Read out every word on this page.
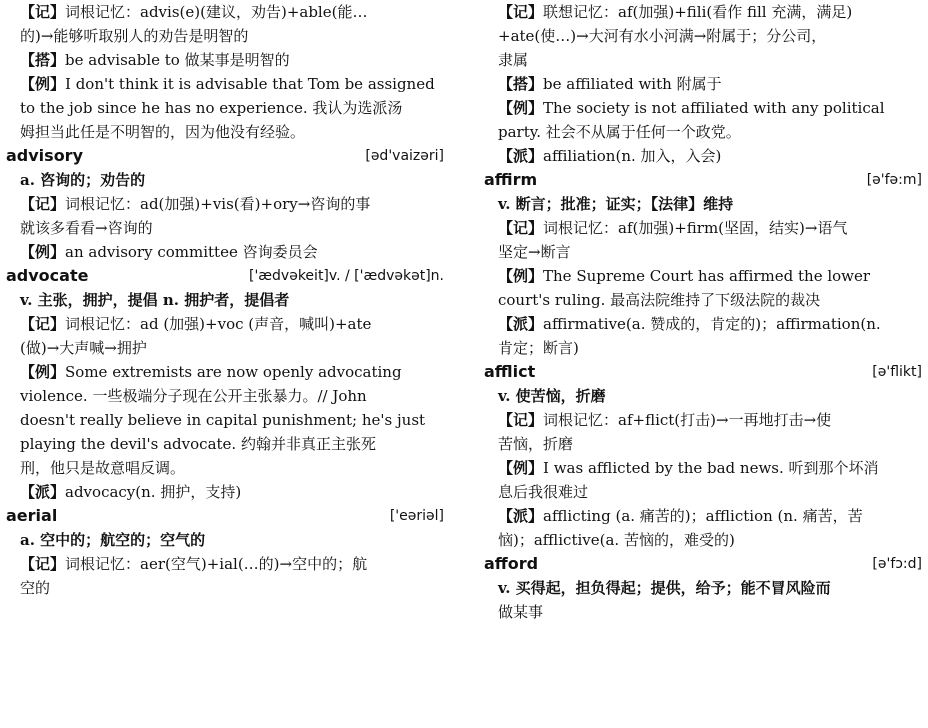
【记】词根记忆：advis(e)(建议，劝告)+able(能…
的)→能够听取别人的劝告是明智的
【搭】be advisable to 做某事是明智的
【例】I don't think it is advisable that Tom be assigned
to the job since he has no experience. 我认为选派汤
姆担当此任是不明智的，因为他没有经验。
advisory	[əd'vaizəri]
a. 咨询的；劝告的
【记】词根记忆：ad(加强)+vis(看)+ory→咨询的事
就该多看看→咨询的
【例】an advisory committee 咨询委员会
advocate	['ædvəkeit]v. / ['ædvəkət]n.
v. 主张，拥护，提倡 n. 拥护者，提倡者
【记】词根记忆：ad (加强)+voc (声音，喊叫)+ate
(做)→大声喊→拥护
【例】Some extremists are now openly advocating
violence. 一些极端分子现在公开主张暴力。// John
doesn't really believe in capital punishment; he's just
playing the devil's advocate. 约翰并非真正主张死
刑，他只是故意唱反调。
【派】advocacy(n. 拥护，支持)
aerial	['eəriəl]
a. 空中的；航空的；空气的
【记】词根记忆：aer(空气)+ial(…的)→空中的；航
空的
【记】联想记忆：af(加强)+fili(看作 fill 充满，满足)
+ate(使…)→大河有水小河满→附属于；分公司，
隶属
【搭】be affiliated with 附属于
【例】The society is not affiliated with any political
party. 社会不从属于任何一个政党。
【派】affiliation(n. 加入，入会)
affirm	[ə'fə:m]
v. 断言；批准；证实；【法律】维持
【记】词根记忆：af(加强)+firm(坚固，结实)→语气
坚定→断言
【例】The Supreme Court has affirmed the lower
court's ruling. 最高法院维持了下级法院的裁决
【派】affirmative(a. 赞成的，肯定的)；affirmation(n.
肯定；断言)
afflict	[ə'flikt]
v. 使苦恼，折磨
【记】词根记忆：af+flict(打击)→一再地打击→使
苦恼，折磨
【例】I was afflicted by the bad news. 听到那个坏消
息后我很难过
【派】afflicting (a. 痛苦的)；affliction (n. 痛苦，苦
恼)；afflictive(a. 苦恼的，难受的)
afford	[ə'fɔ:d]
v. 买得起，担负得起；提供，给予；能不冒风险而
做某事
